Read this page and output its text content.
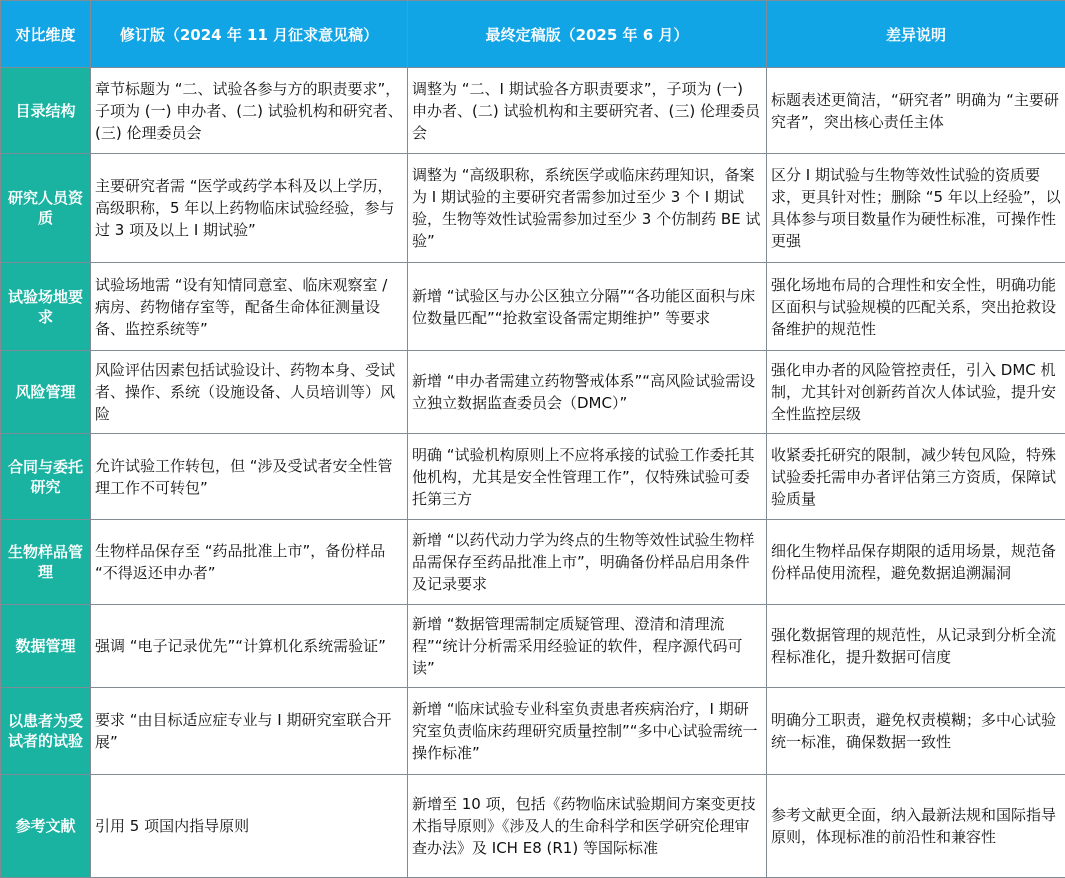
对比维度	修订版（2024 年 11 月征求意见稿）	最终定稿版（2025 年 6 月）	差异说明
目录结构	章节标题为 “二、试验各参与方的职责要求”，子项为 (一) 申办者、(二) 试验机构和研究者、(三) 伦理委员会	调整为 “二、I 期试验各方职责要求”，子项为 (一) 申办者、(二) 试验机构和主要研究者、(三) 伦理委员会	标题表述更简洁，“研究者” 明确为 “主要研究者”，突出核心责任主体
研究人员资质	主要研究者需 “医学或药学本科及以上学历，高级职称，5 年以上药物临床试验经验，参与过 3 项及以上 Ⅰ 期试验”	调整为 “高级职称，系统医学或临床药理知识，备案为 Ⅰ 期试验的主要研究者需参加过至少 3 个 Ⅰ 期试验，生物等效性试验需参加过至少 3 个仿制药 BE 试验”	区分 Ⅰ 期试验与生物等效性试验的资质要求，更具针对性；删除 “5 年以上经验”，以具体参与项目数量作为硬性标准，可操作性更强
试验场地要求	试验场地需 “设有知情同意室、临床观察室 / 病房、药物储存室等，配备生命体征测量设备、监控系统等”	新增 “试验区与办公区独立分隔”“各功能区面积与床位数量匹配”“抢救室设备需定期维护” 等要求	强化场地布局的合理性和安全性，明确功能区面积与试验规模的匹配关系，突出抢救设备维护的规范性
风险管理	风险评估因素包括试验设计、药物本身、受试者、操作、系统（设施设备、人员培训等）风险	新增 “申办者需建立药物警戒体系”“高风险试验需设立独立数据监查委员会（DMC）”	强化申办者的风险管控责任，引入 DMC 机制，尤其针对创新药首次人体试验，提升安全性监控层级
合同与委托研究	允许试验工作转包，但 “涉及受试者安全性管理工作不可转包”	明确 “试验机构原则上不应将承接的试验工作委托其他机构，尤其是安全性管理工作”，仅特殊试验可委托第三方	收紧委托研究的限制，减少转包风险，特殊试验委托需申办者评估第三方资质，保障试验质量
生物样品管理	生物样品保存至 “药品批准上市”，备份样品 “不得返还申办者”	新增 “以药代动力学为终点的生物等效性试验生物样品需保存至药品批准上市”，明确备份样品启用条件及记录要求	细化生物样品保存期限的适用场景，规范备份样品使用流程，避免数据追溯漏洞
数据管理	强调 “电子记录优先”“计算机化系统需验证”	新增 “数据管理需制定质疑管理、澄清和清理流程”“统计分析需采用经验证的软件，程序源代码可读”	强化数据管理的规范性，从记录到分析全流程标准化，提升数据可信度
以患者为受试者的试验	要求 “由目标适应症专业与 Ⅰ 期研究室联合开展”	新增 “临床试验专业科室负责患者疾病治疗，Ⅰ 期研究室负责临床药理研究质量控制”“多中心试验需统一操作标准”	明确分工职责，避免权责模糊；多中心试验统一标准，确保数据一致性
参考文献	引用 5 项国内指导原则	新增至 10 项，包括《药物临床试验期间方案变更技术指导原则》《涉及人的生命科学和医学研究伦理审查办法》及 ICH E8 (R1) 等国际标准	参考文献更全面，纳入最新法规和国际指导原则，体现标准的前沿性和兼容性
